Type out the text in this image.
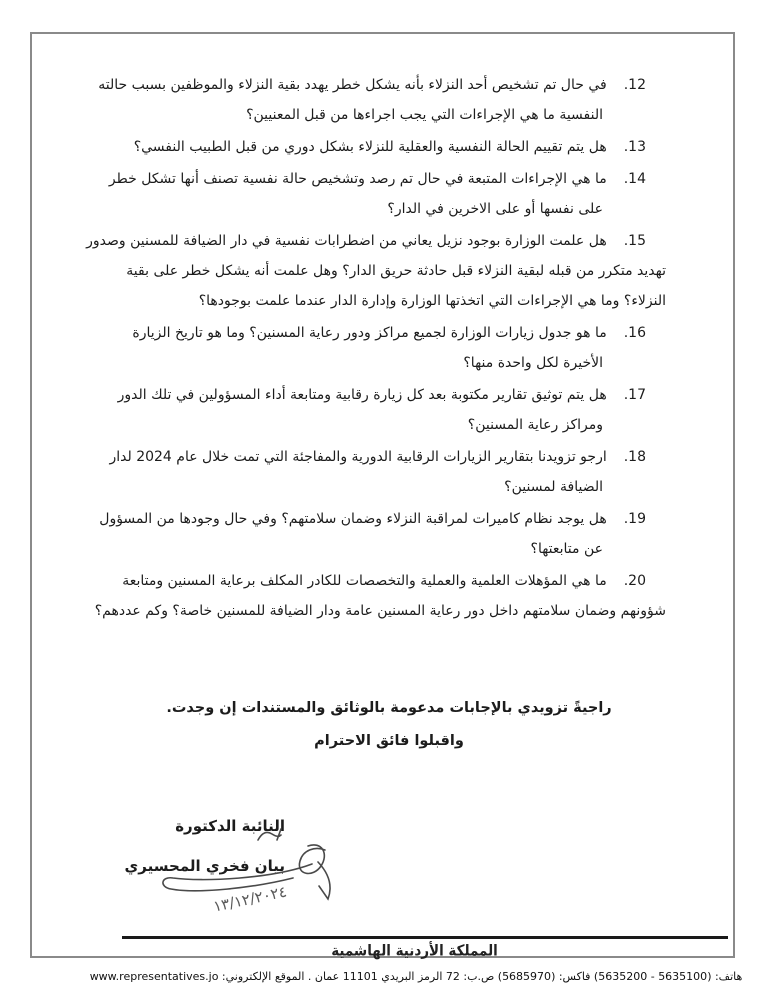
12.في حال تم تشخيص أحد النزلاء بأنه يشكل خطر يهدد بقية النزلاء والموظفين بسبب حالته
النفسية ما هي الإجراءات التي يجب اجراءها من قبل المعنيين؟
13.هل يتم تقييم الحالة النفسية والعقلية للنزلاء بشكل دوري من قبل الطبيب النفسي؟
14.ما هي الإجراءات المتبعة في حال تم رصد وتشخيص حالة نفسية تصنف أنها تشكل خطر
على نفسها أو على الاخرين في الدار؟
15.هل علمت الوزارة بوجود نزيل يعاني من اضطرابات نفسية في دار الضيافة للمسنين وصدور
تهديد متكرر من قبله لبقية النزلاء قبل حادثة حريق الدار؟ وهل علمت أنه يشكل خطر على بقية
النزلاء؟ وما هي الإجراءات التي اتخذتها الوزارة وإدارة الدار عندما علمت بوجودها؟
16.ما هو جدول زيارات الوزارة لجميع مراكز ودور رعاية المسنين؟ وما هو تاريخ الزيارة
الأخيرة لكل واحدة منها؟
17.هل يتم توثيق تقارير مكتوبة بعد كل زيارة رقابية ومتابعة أداء المسؤولين في تلك الدور
ومراكز رعاية المسنين؟
18.ارجو تزويدنا بتقارير الزيارات الرقابية الدورية والمفاجئة التي تمت خلال عام 2024 لدار
الضيافة لمسنين؟
19.هل يوجد نظام كاميرات لمراقبة النزلاء وضمان سلامتهم؟ وفي حال وجودها من المسؤول
عن متابعتها؟
20.ما هي المؤهلات العلمية والعملية والتخصصات للكادر المكلف برعاية المسنين ومتابعة
شؤونهم وضمان سلامتهم داخل دور رعاية المسنين عامة ودار الضيافة للمسنين خاصة؟ وكم عددهم؟
راجيةً تزويدي بالإجابات مدعومة بالوثائق والمستندات إن وجدت.
واقبلوا فائق الاحترام
النائبة الدكتورة
بيان فخري المحسيري
١٣/١٢/٢٠٢٤
المملكة الأردنية الهاشمية
هاتف: (5635100 - 5635200) فاكس: (5685970) ص.ب: 72 الرمز البريدي 11101 عمان . الموقع الإلكتروني: www.representatives.jo
